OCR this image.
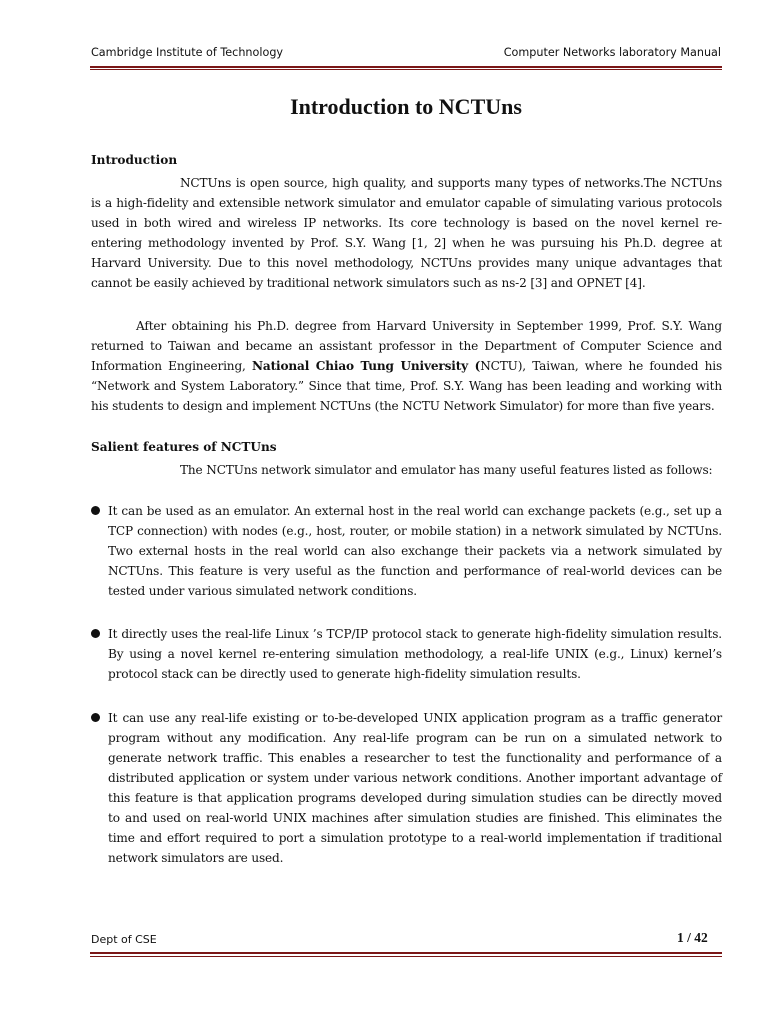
Cambridge Institute of Technology	Computer Networks laboratory Manual
Introduction to NCTUns
Introduction
NCTUns is open source, high quality, and supports many types of networks.The NCTUns is a high-fidelity and extensible network simulator and emulator capable of simulating various protocols used in both wired and wireless IP networks. Its core technology is based on the novel kernel re-entering methodology invented by Prof. S.Y. Wang [1, 2] when he was pursuing his Ph.D. degree at Harvard University. Due to this novel methodology, NCTUns provides many unique advantages that cannot be easily achieved by traditional network simulators such as ns-2 [3] and OPNET [4].
After obtaining his Ph.D. degree from Harvard University in September 1999, Prof. S.Y. Wang returned to Taiwan and became an assistant professor in the Department of Computer Science and Information Engineering, National Chiao Tung University (NCTU), Taiwan, where he founded his “Network and System Laboratory.” Since that time, Prof. S.Y. Wang has been leading and working with his students to design and implement NCTUns (the NCTU Network Simulator) for more than five years.
Salient features of NCTUns
The NCTUns network simulator and emulator has many useful features listed as follows:
It can be used as an emulator. An external host in the real world can exchange packets (e.g., set up a TCP connection) with nodes (e.g., host, router, or mobile station) in a network simulated by NCTUns. Two external hosts in the real world can also exchange their packets via a network simulated by NCTUns. This feature is very useful as the function and performance of real-world devices can be tested under various simulated network conditions.
It directly uses the real-life Linux ’s TCP/IP protocol stack to generate high-fidelity simulation results. By using a novel kernel re-entering simulation methodology, a real-life UNIX (e.g., Linux) kernel’s protocol stack can be directly used to generate high-fidelity simulation results.
It can use any real-life existing or to-be-developed UNIX application program as a traffic generator program without any modification. Any real-life program can be run on a simulated network to generate network traffic. This enables a researcher to test the functionality and performance of a distributed application or system under various network conditions. Another important advantage of this feature is that application programs developed during simulation studies can be directly moved to and used on real-world UNIX machines after simulation studies are finished. This eliminates the time and effort required to port a simulation prototype to a real-world implementation if traditional network simulators are used.
Dept of CSE	1 / 42
